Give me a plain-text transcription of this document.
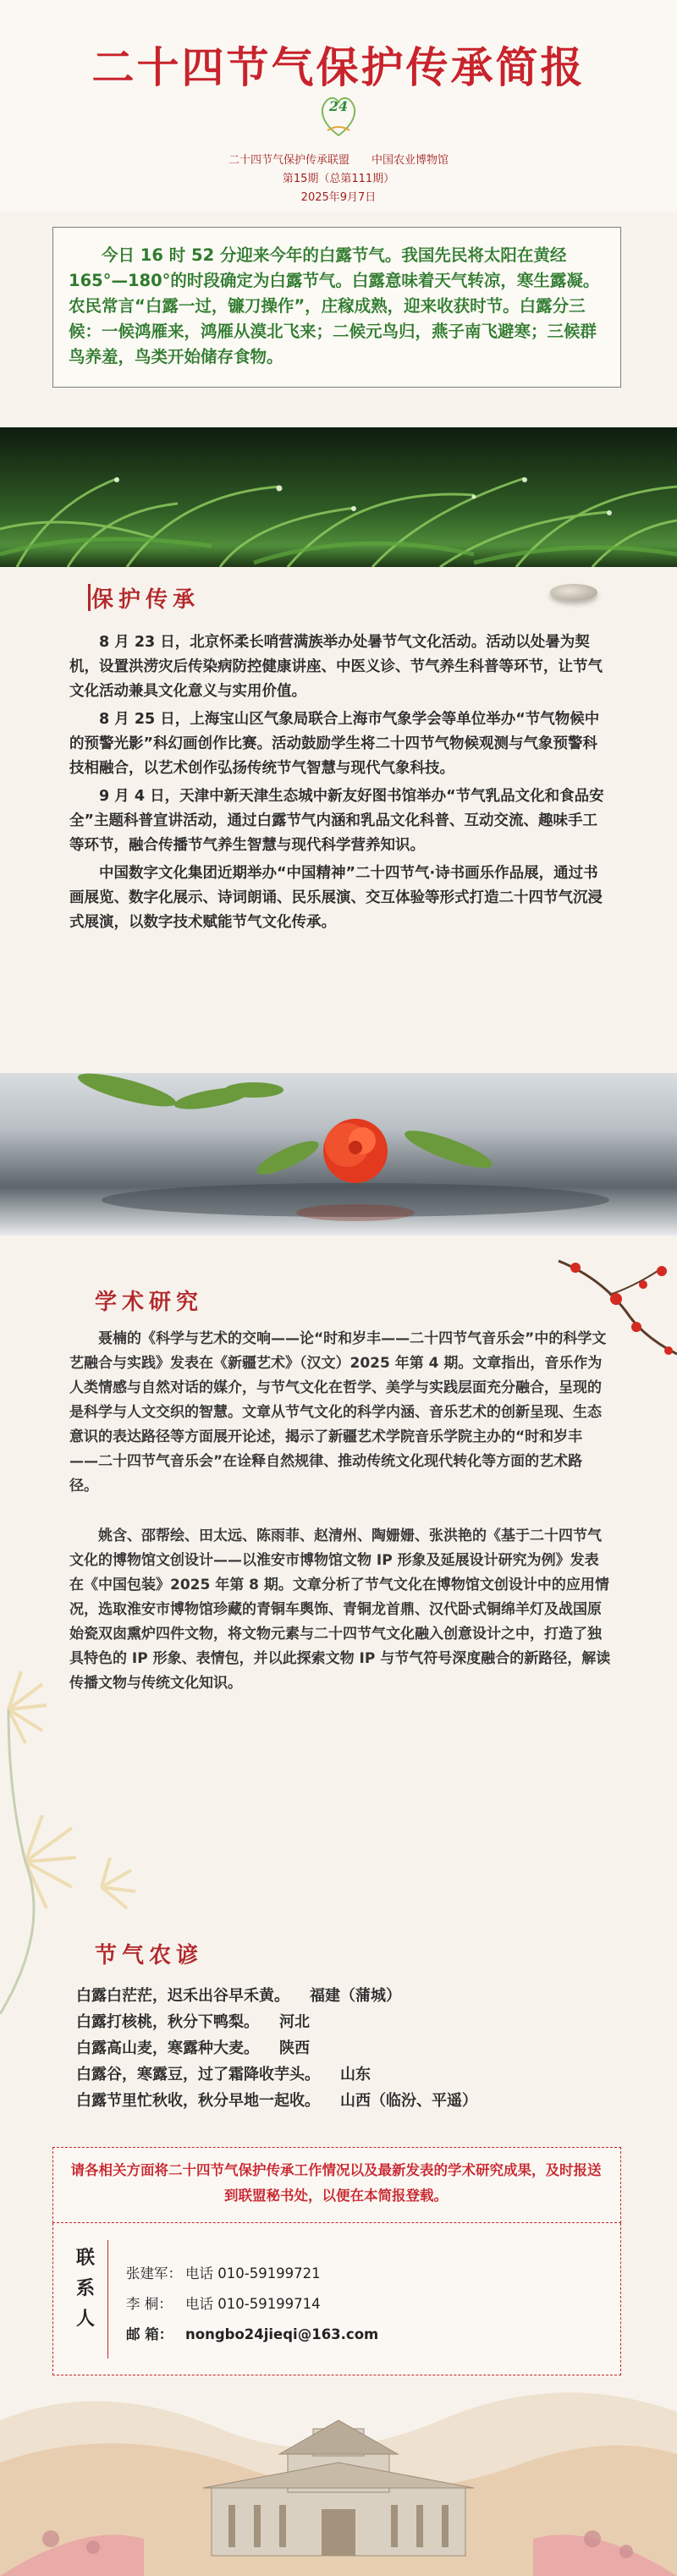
二十四节气保护传承简报
24
二十四节气保护传承联盟 中国农业博物馆
第15期（总第111期）
2025年9月7日
今日 16 时 52 分迎来今年的白露节气。我国先民将太阳在黄经 165°—180°的时段确定为白露节气。白露意味着天气转凉，寒生露凝。农民常言“白露一过，镰刀操作”，庄稼成熟，迎来收获时节。白露分三候：一候鸿雁来，鸿雁从漠北飞来；二候元鸟归，燕子南飞避寒；三候群鸟养羞，鸟类开始储存食物。
保护传承

8 月 23 日，北京怀柔长哨营满族举办处暑节气文化活动。活动以处暑为契机，设置洪涝灾后传染病防控健康讲座、中医义诊、节气养生科普等环节，让节气文化活动兼具文化意义与实用价值。

8 月 25 日，上海宝山区气象局联合上海市气象学会等单位举办“节气物候中的预警光影”科幻画创作比赛。活动鼓励学生将二十四节气物候观测与气象预警科技相融合，以艺术创作弘扬传统节气智慧与现代气象科技。

9 月 4 日，天津中新天津生态城中新友好图书馆举办“节气乳品文化和食品安全”主题科普宣讲活动，通过白露节气内涵和乳品文化科普、互动交流、趣味手工等环节，融合传播节气养生智慧与现代科学营养知识。

中国数字文化集团近期举办“中国精神”二十四节气·诗书画乐作品展，通过书画展览、数字化展示、诗词朗诵、民乐展演、交互体验等形式打造二十四节气沉浸式展演，以数字技术赋能节气文化传承。

学术研究

聂楠的《科学与艺术的交响——论“时和岁丰——二十四节气音乐会”中的科学文艺融合与实践》发表在《新疆艺术》（汉文）2025 年第 4 期。文章指出，音乐作为人类情感与自然对话的媒介，与节气文化在哲学、美学与实践层面充分融合，呈现的是科学与人文交织的智慧。文章从节气文化的科学内涵、音乐艺术的创新呈现、生态意识的表达路径等方面展开论述，揭示了新疆艺术学院音乐学院主办的“时和岁丰——二十四节气音乐会”在诠释自然规律、推动传统文化现代转化等方面的艺术路径。

姚含、邵帮绘、田太远、陈雨菲、赵清州、陶姗姗、张洪艳的《基于二十四节气文化的博物馆文创设计——以淮安市博物馆文物 IP 形象及延展设计研究为例》发表在《中国包装》2025 年第 8 期。文章分析了节气文化在博物馆文创设计中的应用情况，选取淮安市博物馆珍藏的青铜车舆饰、青铜龙首鼎、汉代卧式铜绵羊灯及战国原始瓷双囱熏炉四件文物，将文物元素与二十四节气文化融入创意设计之中，打造了独具特色的 IP 形象、表情包，并以此探索文物 IP 与节气符号深度融合的新路径，解读传播文物与传统文化知识。

节气农谚
白露白茫茫，迟禾出谷早禾黄。 福建（蒲城）
白露打核桃，秋分下鸭梨。 河北
白露高山麦，寒露种大麦。 陕西
白露谷，寒露豆，过了霜降收芋头。 山东
白露节里忙秋收，秋分早地一起收。 山西（临汾、平遥）
请各相关方面将二十四节气保护传承工作情况以及最新发表的学术研究成果，及时报送到联盟秘书处，以便在本简报登载。
联系人
张建军： 电话 010-59199721
李 桐： 电话 010-59199714
邮 箱： nongbo24jieqi@163.com
